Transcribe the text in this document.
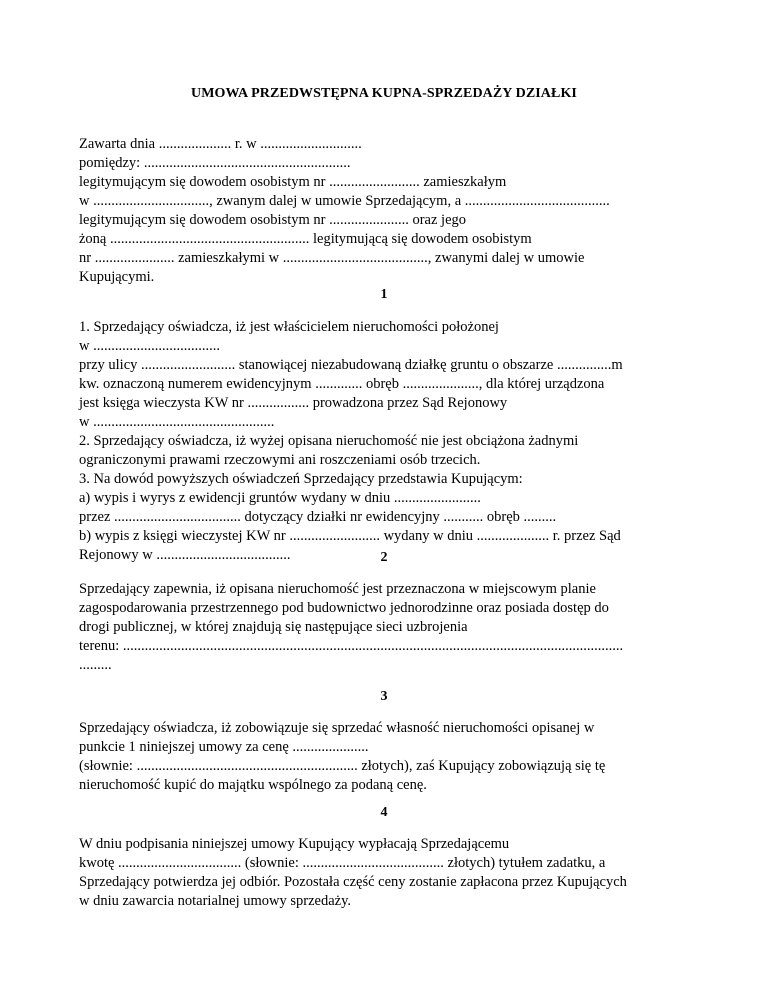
UMOWA PRZEDWSTĘPNA KUPNA-SPRZEDAŻY DZIAŁKI
Zawarta dnia .................... r. w ............................
pomiędzy: .........................................................
legitymującym się dowodem osobistym nr ......................... zamieszkałym
w ................................, zwanym dalej w umowie Sprzedającym, a ........................................
legitymującym się dowodem osobistym nr ...................... oraz jego
żoną ....................................................... legitymującą się dowodem osobistym
nr ...................... zamieszkałymi w ........................................, zwanymi dalej w umowie
Kupującymi.
1
1. Sprzedający oświadcza, iż jest właścicielem nieruchomości położonej
w ...................................
przy ulicy .......................... stanowiącej niezabudowaną działkę gruntu o obszarze ...............m
kw. oznaczoną numerem ewidencyjnym ............. obręb ....................., dla której urządzona
jest księga wieczysta KW nr ................. prowadzona przez Sąd Rejonowy
w ..................................................
2. Sprzedający oświadcza, iż wyżej opisana nieruchomość nie jest obciążona żadnymi
ograniczonymi prawami rzeczowymi ani roszczeniami osób trzecich.
3. Na dowód powyższych oświadczeń Sprzedający przedstawia Kupującym:
a) wypis i wyrys z ewidencji gruntów wydany w dniu ........................
przez ................................... dotyczący działki nr ewidencyjny ........... obręb .........
b) wypis z księgi wieczystej KW nr ......................... wydany w dniu .................... r. przez Sąd
Rejonowy w .....................................	2
Sprzedający zapewnia, iż opisana nieruchomość jest przeznaczona w miejscowym planie
zagospodarowania przestrzennego pod budownictwo jednorodzinne oraz posiada dostęp do
drogi publicznej, w której znajdują się następujące sieci uzbrojenia
terenu: ..........................................................................................................................................
.........
3
Sprzedający oświadcza, iż zobowiązuje się sprzedać własność nieruchomości opisanej w
punkcie 1 niniejszej umowy za cenę .....................
(słownie: ............................................................. złotych), zaś Kupujący zobowiązują się tę
nieruchomość kupić do majątku wspólnego za podaną cenę.
4
W dniu podpisania niniejszej umowy Kupujący wypłacają Sprzedającemu
kwotę .................................. (słownie: ....................................... złotych) tytułem zadatku, a
Sprzedający potwierdza jej odbiór. Pozostała część ceny zostanie zapłacona przez Kupujących
w dniu zawarcia notarialnej umowy sprzedaży.
